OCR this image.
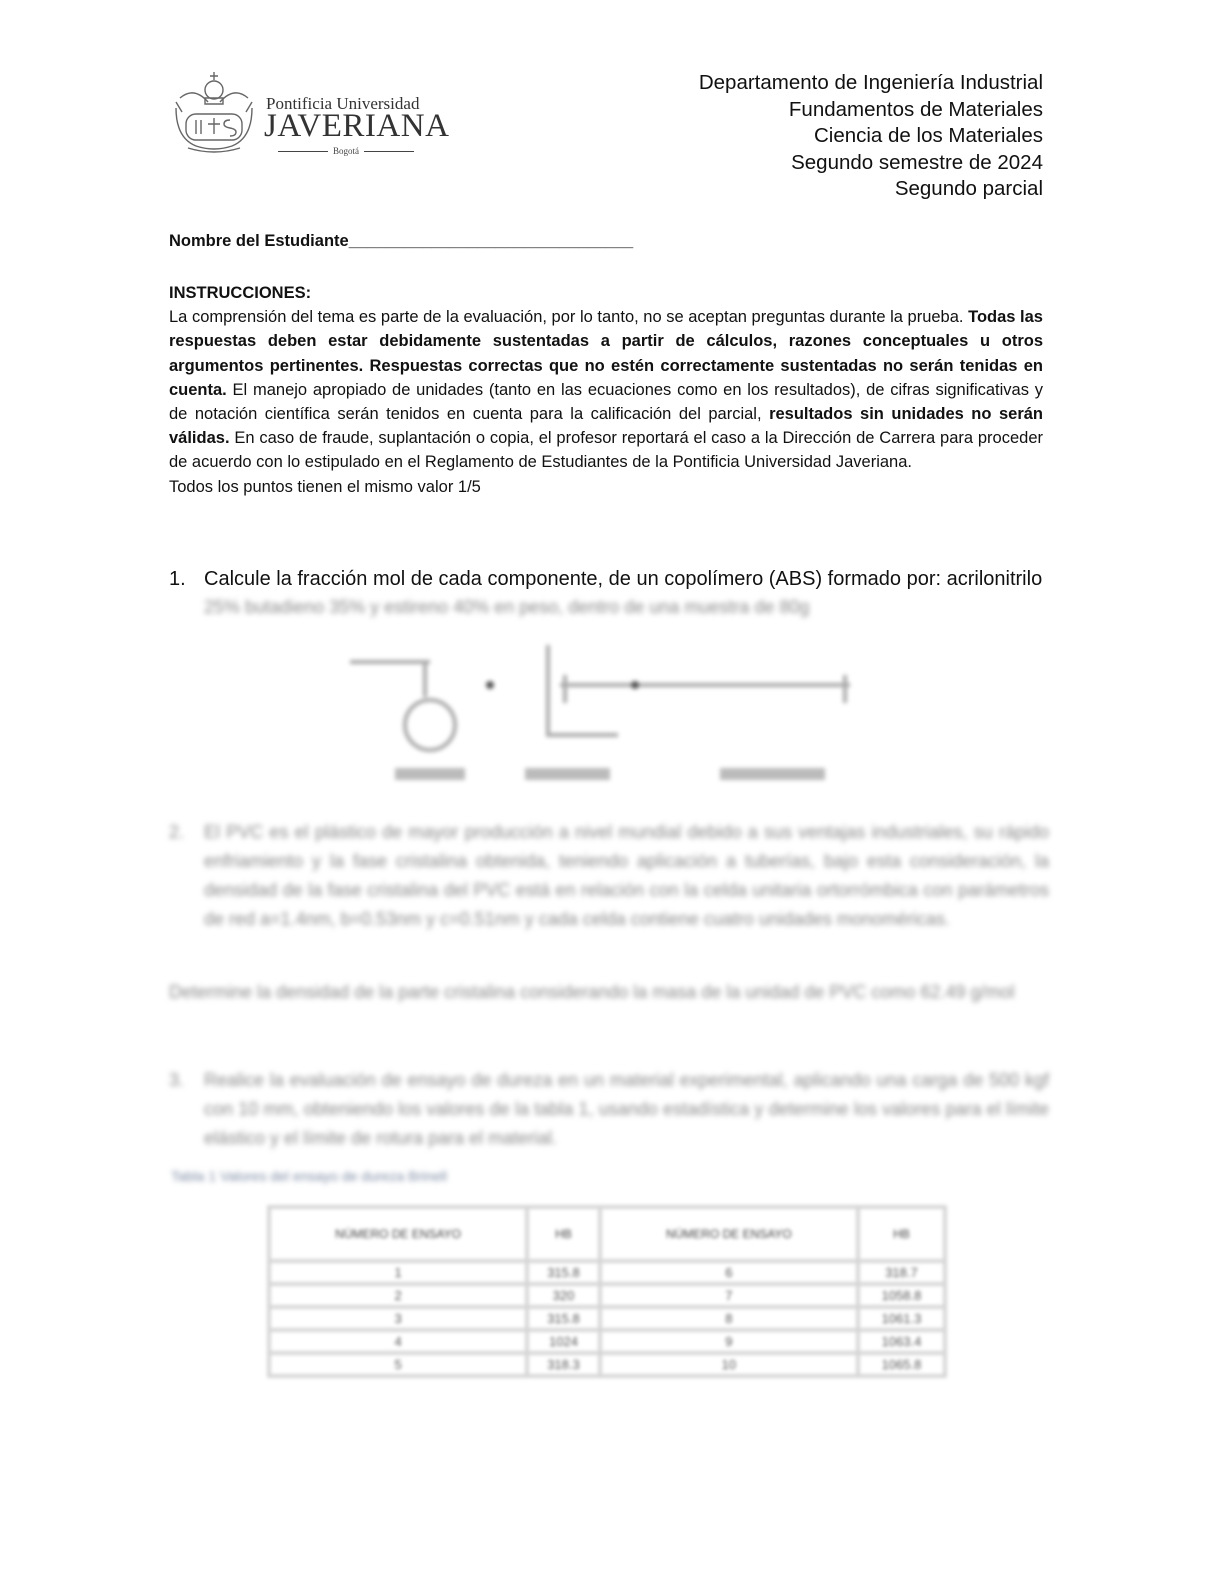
Pontificia Universidad
JAVERIANA
Bogotá
Departamento de Ingeniería Industrial
Fundamentos de Materiales
Ciencia de los Materiales
Segundo semestre de 2024
Segundo parcial
Nombre del Estudiante_______________________________
INSTRUCCIONES:
La comprensión del tema es parte de la evaluación, por lo tanto, no se aceptan preguntas durante la prueba. Todas las respuestas deben estar debidamente sustentadas a partir de cálculos, razones conceptuales u otros argumentos pertinentes. Respuestas correctas que no estén correctamente sustentadas no serán tenidas en cuenta. El manejo apropiado de unidades (tanto en las ecuaciones como en los resultados), de cifras significativas y de notación científica serán tenidos en cuenta para la calificación del parcial, resultados sin unidades no serán válidas. En caso de fraude, suplantación o copia, el profesor reportará el caso a la Dirección de Carrera para proceder de acuerdo con lo estipulado en el Reglamento de Estudiantes de la Pontificia Universidad Javeriana.
Todos los puntos tienen el mismo valor 1/5
1. Calcule la fracción mol de cada componente, de un copolímero (ABS) formado por: acrilonitrilo
25% butadieno 35% y estireno 40% en peso, dentro de una muestra de 80g
2. El PVC es el plástico de mayor producción a nivel mundial debido a sus ventajas industriales, su rápido enfriamiento y la fase cristalina obtenida, teniendo aplicación a tuberías, bajo esta consideración, la densidad de la fase cristalina del PVC está en relación con la celda unitaria ortorrómbica con parámetros de red a=1.4nm, b=0.53nm y c=0.51nm y cada celda contiene cuatro unidades monoméricas.
Determine la densidad de la parte cristalina considerando la masa de la unidad de PVC como 62.49 g/mol
3. Realice la evaluación de ensayo de dureza en un material experimental, aplicando una carga de 500 kgf con 10 mm, obteniendo los valores de la tabla 1, usando estadística y determine los valores para el límite elástico y el límite de rotura para el material.
Tabla 1 Valores del ensayo de dureza Brinell
NÚMERO DE ENSAYO	HB	NÚMERO DE ENSAYO	HB
1	315.8	6	318.7
2	320	7	1058.8
3	315.8	8	1061.3
4	1024	9	1063.4
5	318.3	10	1065.8
